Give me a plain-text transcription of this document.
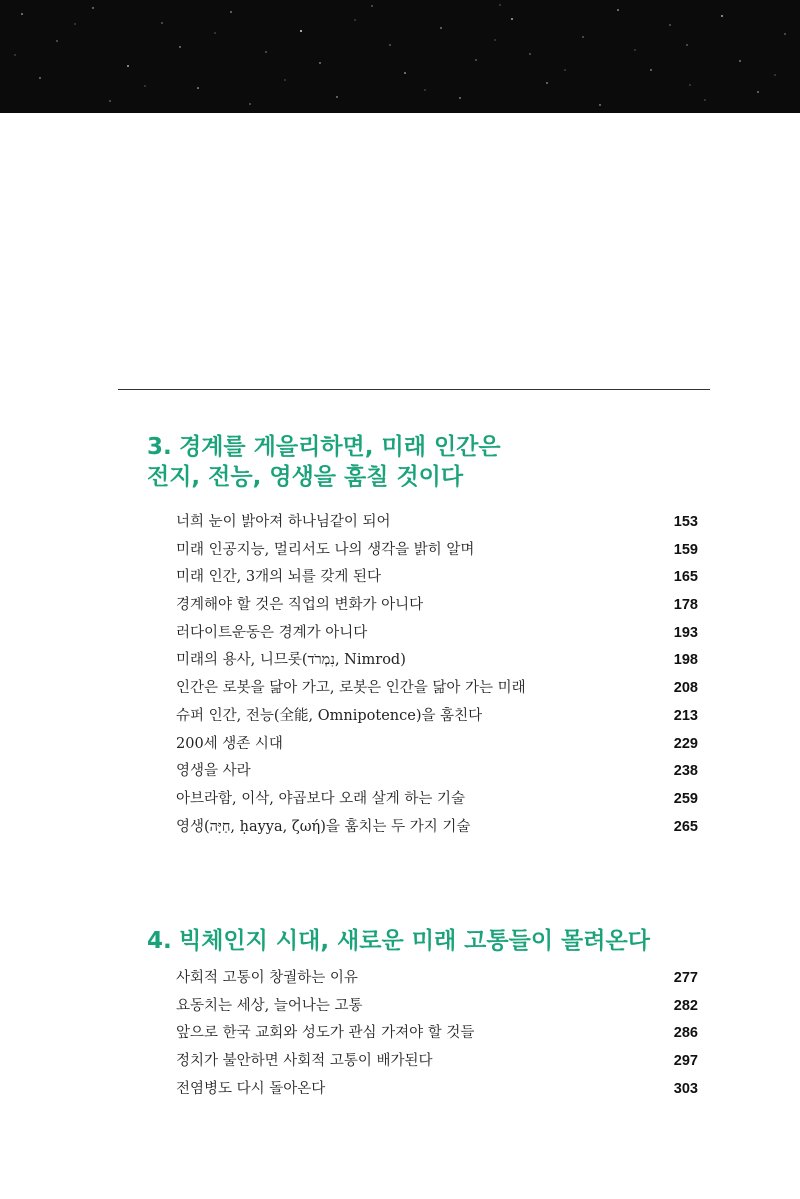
3. 경계를 게을리하면, 미래 인간은
전지, 전능, 영생을 훔칠 것이다
너희 눈이 밝아져 하나님같이 되어	153
미래 인공지능, 멀리서도 나의 생각을 밝히 알며	159
미래 인간, 3개의 뇌를 갖게 된다	165
경계해야 할 것은 직업의 변화가 아니다	178
러다이트운동은 경계가 아니다	193
미래의 용사, 니므롯(נִמְרֹד, Nimrod)	198
인간은 로봇을 닮아 가고, 로봇은 인간을 닮아 가는 미래	208
슈퍼 인간, 전능(全能, Omnipotence)을 훔친다	213
200세 생존 시대	229
영생을 사라	238
아브라함, 이삭, 야곱보다 오래 살게 하는 기술	259
영생(חַיָּה, ḥayya, ζωή)을 훔치는 두 가지 기술	265
4. 빅체인지 시대, 새로운 미래 고통들이 몰려온다
사회적 고통이 창궐하는 이유	277
요동치는 세상, 늘어나는 고통	282
앞으로 한국 교회와 성도가 관심 가져야 할 것들	286
정치가 불안하면 사회적 고통이 배가된다	297
전염병도 다시 돌아온다	303
